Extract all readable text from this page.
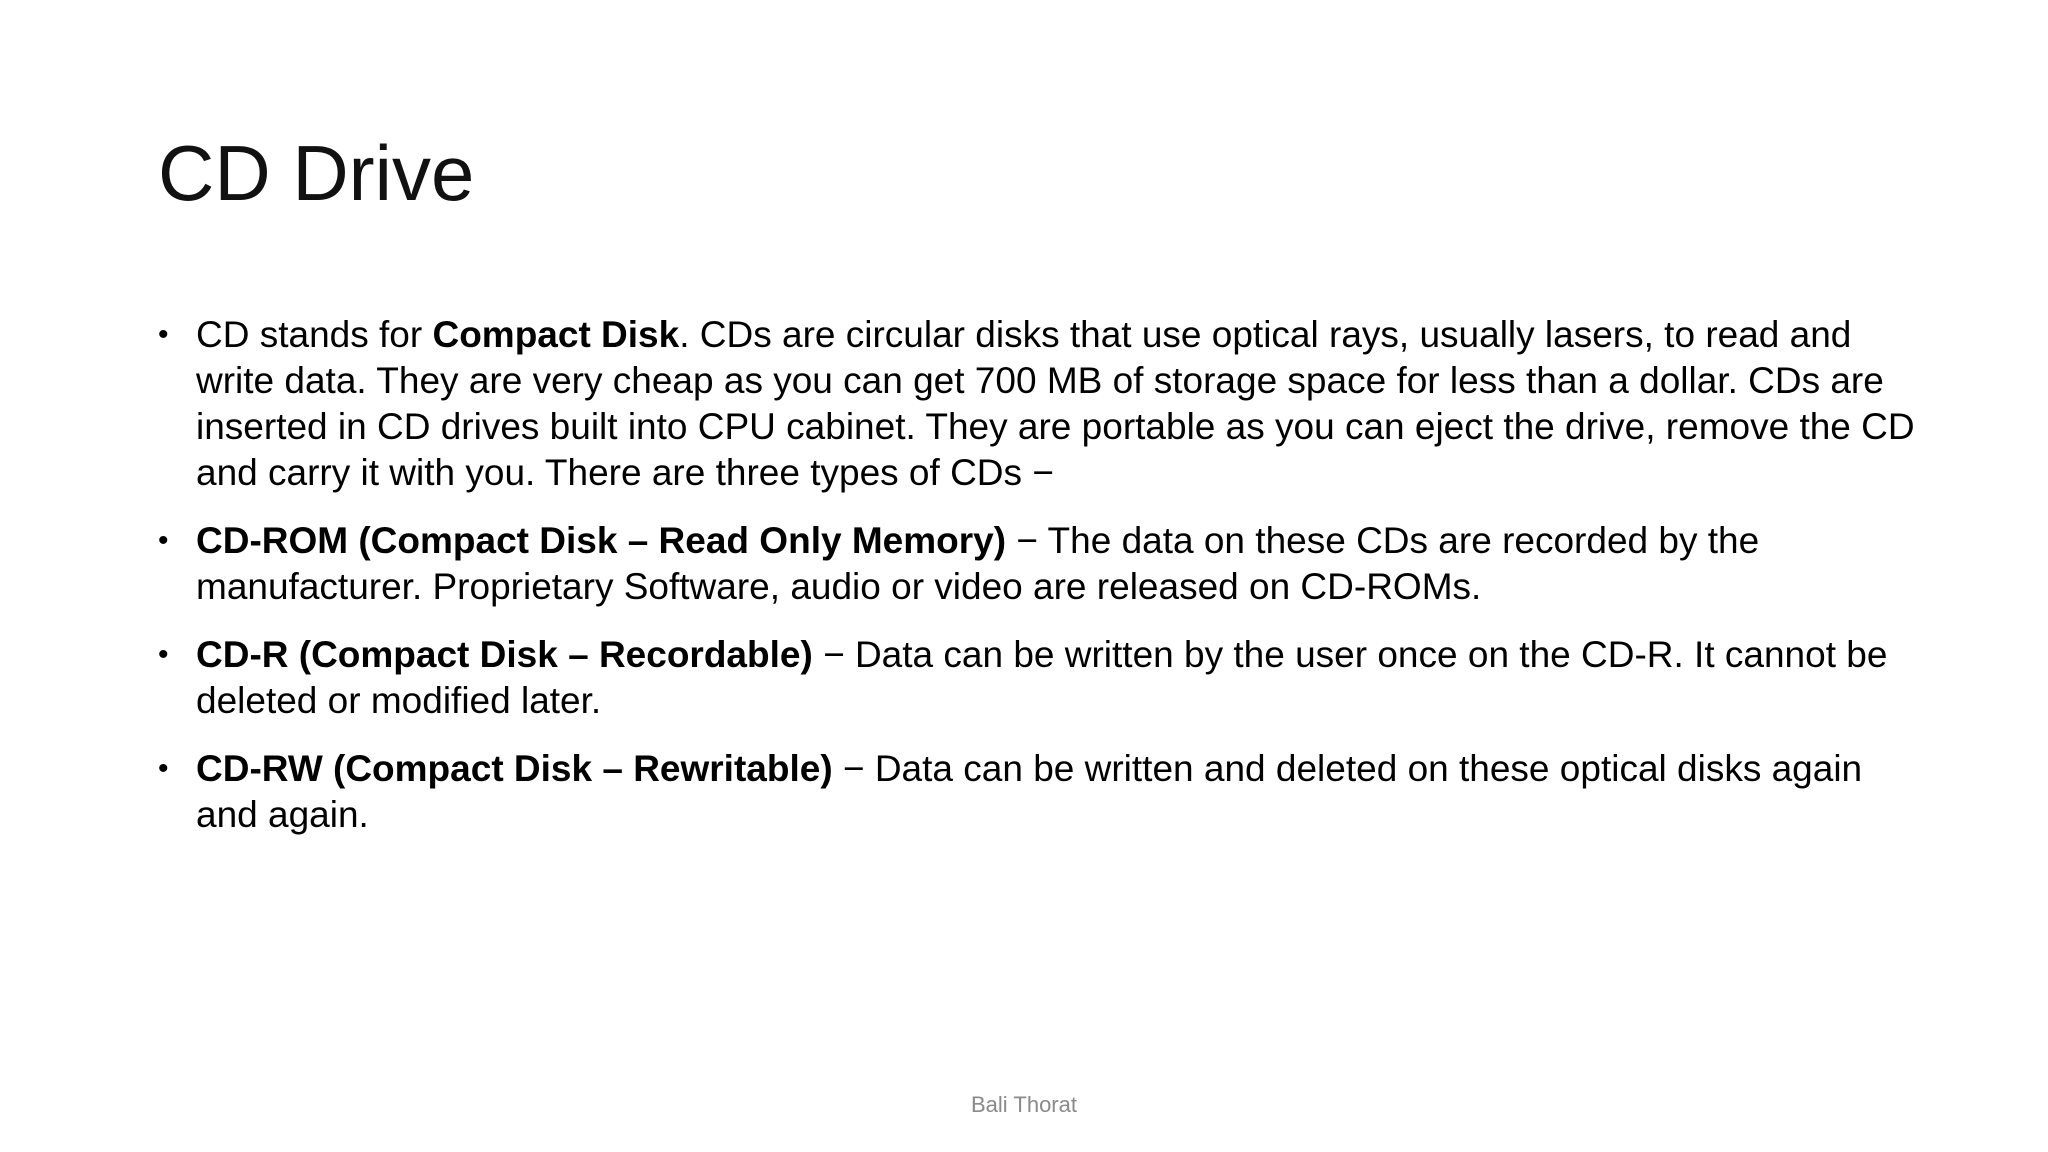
CD Drive
• CD stands for Compact Disk. CDs are circular disks that use optical rays, usually lasers, to read and write data. They are very cheap as you can get 700 MB of storage space for less than a dollar. CDs are inserted in CD drives built into CPU cabinet. They are portable as you can eject the drive, remove the CD and carry it with you. There are three types of CDs −
• CD-ROM (Compact Disk – Read Only Memory) − The data on these CDs are recorded by the manufacturer. Proprietary Software, audio or video are released on CD-ROMs.
• CD-R (Compact Disk – Recordable) − Data can be written by the user once on the CD-R. It cannot be deleted or modified later.
• CD-RW (Compact Disk – Rewritable) − Data can be written and deleted on these optical disks again and again.
Bali Thorat
